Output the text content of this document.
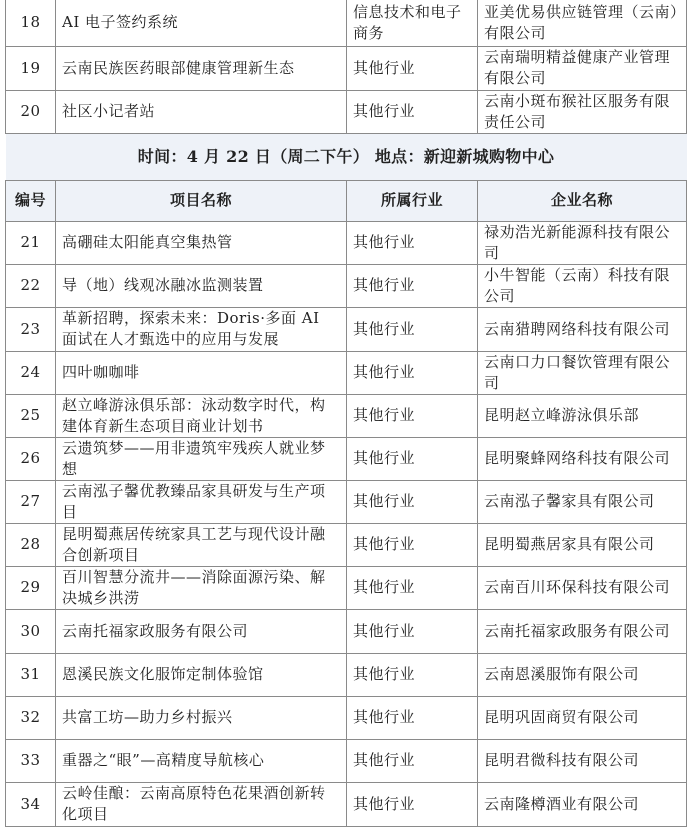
18	AI 电子签约系统	信息技术和电子商务	亚美优易供应链管理（云南）有限公司
19	云南民族医药眼部健康管理新生态	其他行业	云南瑞明精益健康产业管理有限公司
20	社区小记者站	其他行业	云南小斑布猴社区服务有限责任公司
时间：4 月 22 日（周二下午） 地点：新迎新城购物中心			
编号	项目名称	所属行业	企业名称
21	高硼硅太阳能真空集热管	其他行业	禄劝浩光新能源科技有限公司
22	导（地）线观冰融冰监测装置	其他行业	小牛智能（云南）科技有限公司
23	革新招聘，探索未来：Doris·多面 AI 面试在人才甄选中的应用与发展	其他行业	云南猎聘网络科技有限公司
24	四叶咖咖啡	其他行业	云南口力口餐饮管理有限公司
25	赵立峰游泳俱乐部：泳动数字时代，构建体育新生态项目商业计划书	其他行业	昆明赵立峰游泳俱乐部
26	云遗筑梦——用非遗筑牢残疾人就业梦想	其他行业	昆明聚蜂网络科技有限公司
27	云南泓子馨优教臻品家具研发与生产项目	其他行业	云南泓子馨家具有限公司
28	昆明蜀燕居传统家具工艺与现代设计融合创新项目	其他行业	昆明蜀燕居家具有限公司
29	百川智慧分流井——消除面源污染、解决城乡洪涝	其他行业	云南百川环保科技有限公司
30	云南托福家政服务有限公司	其他行业	云南托福家政服务有限公司
31	恩溪民族文化服饰定制体验馆	其他行业	云南恩溪服饰有限公司
32	共富工坊—助力乡村振兴	其他行业	昆明巩固商贸有限公司
33	重器之“眼”—高精度导航核心	其他行业	昆明君微科技有限公司
34	云岭佳酿：云南高原特色花果酒创新转化项目	其他行业	云南隆樽酒业有限公司
